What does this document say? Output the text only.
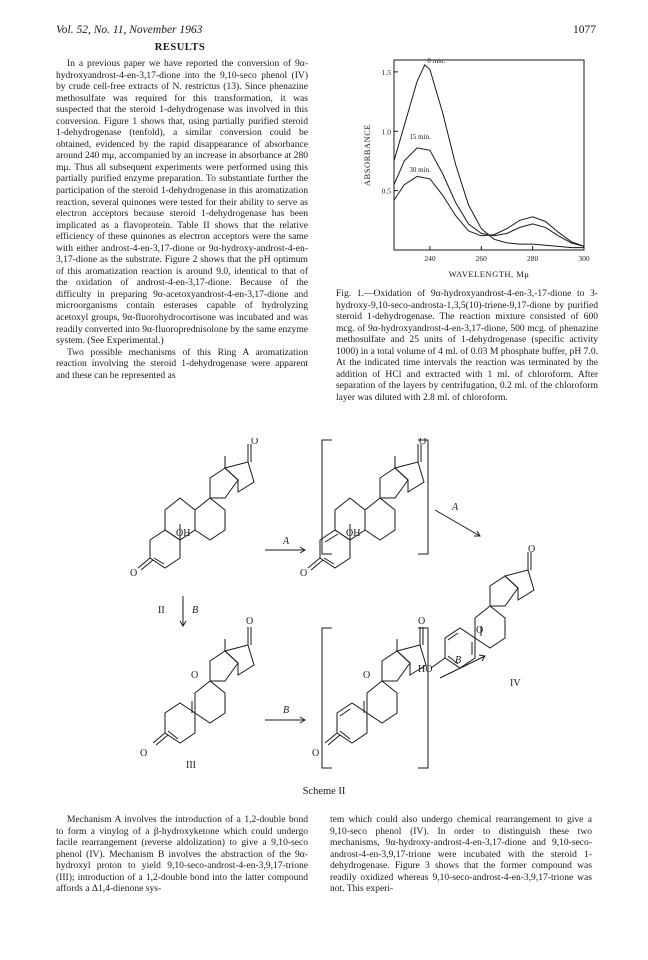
Vol. 52, No. 11, November 1963	1077
RESULTS

In a previous paper we have reported the conversion of 9α-hydroxyandrost-4-en-3,17-dione into the 9,10-seco phenol (IV) by crude cell-free extracts of N. restrictus (13). Since phenazine methosulfate was required for this transformation, it was suspected that the steroid 1-dehydrogenase was involved in this conversion. Figure 1 shows that, using partially purified steroid 1-dehydrogenase (tenfold), a similar conversion could be obtained, evidenced by the rapid disappearance of absorbance around 240 mμ, accompanied by an increase in absorbance at 280 mμ. Thus all subsequent experiments were performed using this partially purified enzyme preparation. To substantiate further the participation of the steroid 1-dehydrogenase in this aromatization reaction, several quinones were tested for their ability to serve as electron acceptors because steroid 1-dehydrogenase has been implicated as a flavoprotein. Table II shows that the relative efficiency of these quinones as electron acceptors were the same with either androst-4-en-3,17-dione or 9α-hydroxy-androst-4-en-3,17-dione as the substrate. Figure 2 shows that the pH optimum of this aromatization reaction is around 9.0, identical to that of the oxidation of androst-4-en-3,17-dione. Because of the difficulty in preparing 9α-acetoxyandrost-4-en-3,17-dione and microorganisms contain esterases capable of hydrolyzing acetoxyl groups, 9α-fluorohydrocortisone was incubated and was readily converted into 9α-fluoroprednisolone by the same enzyme system. (See Experimental.)

Two possible mechanisms of this Ring A aromatization reaction involving the steroid 1-dehydrogenase were apparent and these can be represented as

240	260	280	300
0.5
1.0
1.5
WAVELENGTH, Mμ
ABSORBANCE
0 min.
15 min.
30 min.
Fig. 1.—Oxidation of 9α-hydroxyandrost-4-en-3,-17-dione to 3-hydroxy-9,10-seco-androsta-1,3,5(10)-triene-9,17-dione by purified steroid 1-dehydrogenase. The reaction mixture consisted of 600 mcg. of 9α-hydroxyandrost-4-en-3,17-dione, 500 mcg. of phenazine methosulfate and 25 units of 1-dehydrogenase (specific activity 1000) in a total volume of 4 ml. of 0.03 M phosphate buffer, pH 7.0. At the indicated time intervals the reaction was terminated by the addition of HCl and extracted with 1 ml. of chloroform. After separation of the layers by centrifugation, 0.2 ml. of the chloroform layer was diluted with 2.8 ml. of chloroform.
O
OH
O
A
O
OH
O
A
O
O
HO
IV
II	B
O
O
O
III
B
O
O
O
B
Scheme II

Mechanism A involves the introduction of a 1,2-double bond to form a vinylog of a β-hydroxyketone which could undergo facile rearrangement (reverse aldolization) to give a 9,10-seco phenol (IV). Mechanism B involves the abstraction of the 9α-hydroxyl proton to yield 9,10-seco-androst-4-en-3,9,17-trione (III); introduction of a 1,2-double bond into the latter compound affords a Δ1,4-dienone sys-

tem which could also undergo chemical rearrangement to give a 9,10-seco phenol (IV). In order to distinguish these two mechanisms, 9α-hydroxy-androst-4-en-3,17-dione and 9,10-seco-androst-4-en-3,9,17-trione were incubated with the steroid 1-dehydrogenase. Figure 3 shows that the former compound was readily oxidized whereas 9,10-seco-androst-4-en-3,9,17-trione was not. This experi-
